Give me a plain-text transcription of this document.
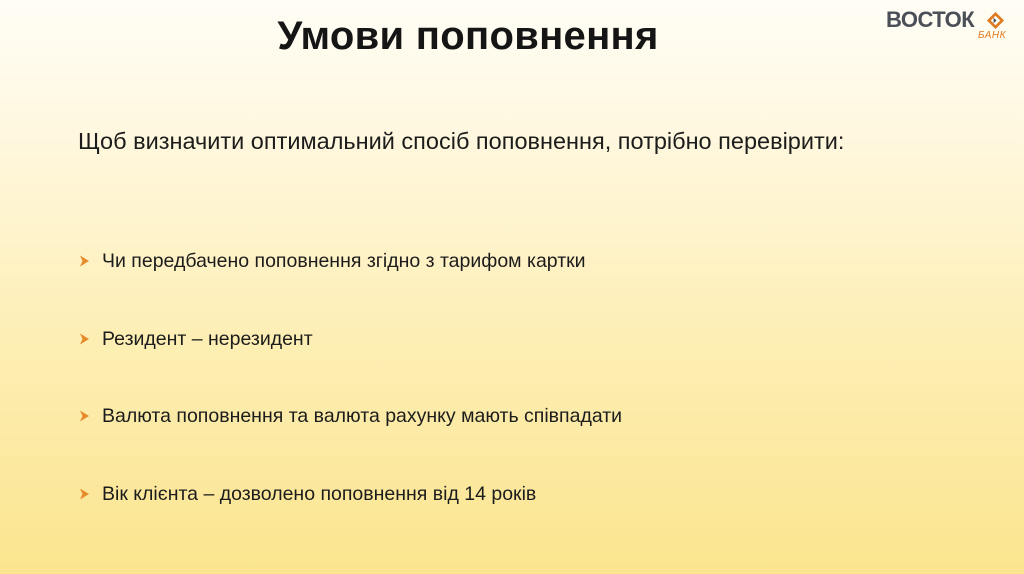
Умови поповнення	ВОСТОК
БАНК

Щоб визначити оптимальний спосіб поповнення, потрібно перевірити:

Чи передбачено поповнення згідно з тарифом картки
Резидент – нерезидент
Валюта поповнення та валюта рахунку мають співпадати
Вік клієнта – дозволено поповнення від 14 років
